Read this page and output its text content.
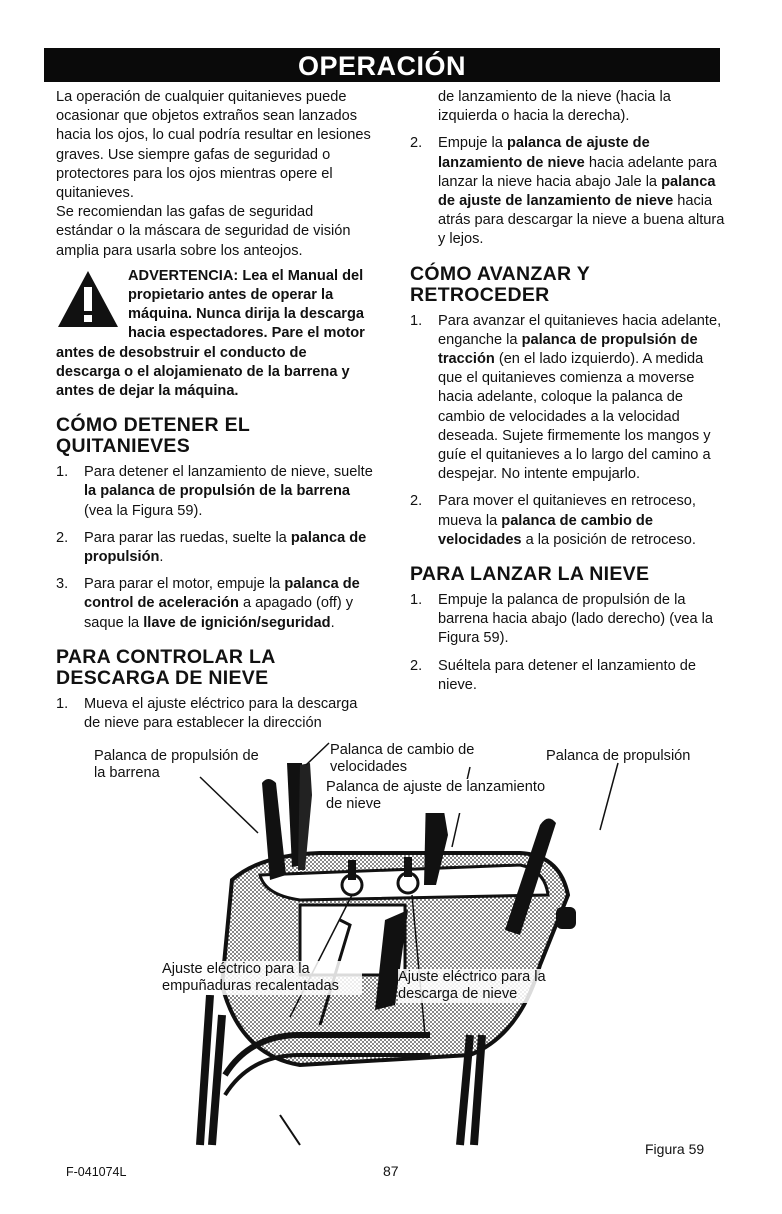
OPERACIÓN

La operación de cualquier quitanieves puede ocasionar que objetos extraños sean lanzados hacia los ojos, lo cual podría resultar en lesiones graves. Use siempre gafas de seguridad o protectores para los ojos mientras opere el quitanieves.

Se recomiendan las gafas de seguridad estándar o la máscara de seguridad de visión amplia para usarla sobre los anteojos.

ADVERTENCIA: Lea el Manual del propietario antes de operar la máquina. Nunca dirija la descarga hacia espectadores. Pare el motor antes de desobstruir el conducto de descarga o el alojamienato de la barrena y antes de dejar la máquina.
CÓMO DETENER EL QUITANIEVES
1. Para detener el lanzamiento de nieve, suelte la palanca de propulsión de la barrena (vea la Figura 59).
2. Para parar las ruedas, suelte la palanca de propulsión.
3. Para parar el motor, empuje la palanca de control de aceleración a apagado (off) y saque la llave de ignición/seguridad.
PARA CONTROLAR LA DESCARGA DE NIEVE
1. Mueva el ajuste eléctrico para la descarga de nieve para establecer la dirección
de lanzamiento de la nieve (hacia la izquierda o hacia la derecha).
2. Empuje la palanca de ajuste de lanzamiento de nieve hacia adelante para lanzar la nieve hacia abajo Jale la palanca de ajuste de lanzamiento de nieve hacia atrás para descargar la nieve a buena altura y lejos.
CÓMO AVANZAR Y RETROCEDER
1. Para avanzar el quitanieves hacia adelante, enganche la palanca de propulsión de tracción (en el lado izquierdo). A medida que el quitanieves comienza a moverse hacia adelante, coloque la palanca de cambio de velocidades a la velocidad deseada. Sujete firmemente los mangos y guíe el quitanieves a lo largo del camino a despejar. No intente empujarlo.
2. Para mover el quitanieves en retroceso, mueva la palanca de cambio de velocidades a la posición de retroceso.
PARA LANZAR LA NIEVE
1. Empuje la palanca de propulsión de la barrena hacia abajo (lado derecho) (vea la Figura 59).
2. Suéltela para detener el lanzamiento de nieve.
Palanca de propulsión de la barrena
Palanca de cambio de velocidades
Palanca de propulsión
Palanca de ajuste de lanzamiento de nieve
Ajuste eléctrico para la empuñaduras recalentadas
Ajuste eléctrico para la descarga de nieve
Figura 59
F-041074L	87
